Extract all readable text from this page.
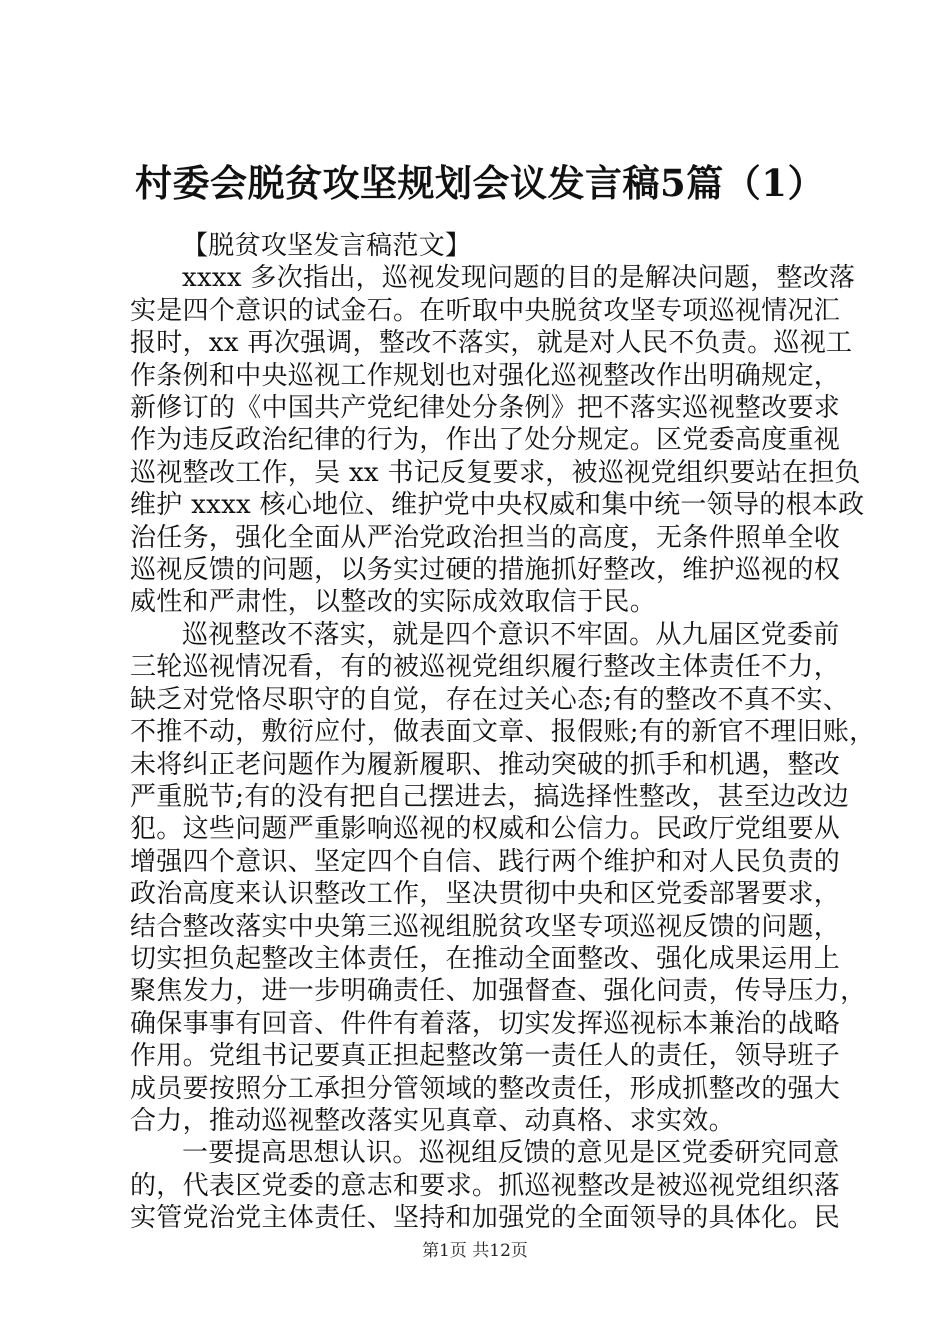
村委会脱贫攻坚规划会议发言稿5篇（1）

【脱贫攻坚发言稿范文】

xxxx 多次指出，巡视发现问题的目的是解决问题，整改落
实是四个意识的试金石。在听取中央脱贫攻坚专项巡视情况汇
报时，xx 再次强调，整改不落实，就是对人民不负责。巡视工
作条例和中央巡视工作规划也对强化巡视整改作出明确规定，
新修订的《中国共产党纪律处分条例》把不落实巡视整改要求
作为违反政治纪律的行为，作出了处分规定。区党委高度重视
巡视整改工作，吴 xx 书记反复要求，被巡视党组织要站在担负
维护 xxxx 核心地位、维护党中央权威和集中统一领导的根本政
治任务，强化全面从严治党政治担当的高度，无条件照单全收
巡视反馈的问题，以务实过硬的措施抓好整改，维护巡视的权
威性和严肃性，以整改的实际成效取信于民。

巡视整改不落实，就是四个意识不牢固。从九届区党委前
三轮巡视情况看，有的被巡视党组织履行整改主体责任不力，
缺乏对党恪尽职守的自觉，存在过关心态;有的整改不真不实、
不推不动，敷衍应付，做表面文章、报假账;有的新官不理旧账，
未将纠正老问题作为履新履职、推动突破的抓手和机遇，整改
严重脱节;有的没有把自己摆进去，搞选择性整改，甚至边改边
犯。这些问题严重影响巡视的权威和公信力。民政厅党组要从
增强四个意识、坚定四个自信、践行两个维护和对人民负责的
政治高度来认识整改工作，坚决贯彻中央和区党委部署要求，
结合整改落实中央第三巡视组脱贫攻坚专项巡视反馈的问题，
切实担负起整改主体责任，在推动全面整改、强化成果运用上
聚焦发力，进一步明确责任、加强督查、强化问责，传导压力，
确保事事有回音、件件有着落，切实发挥巡视标本兼治的战略
作用。党组书记要真正担起整改第一责任人的责任，领导班子
成员要按照分工承担分管领域的整改责任，形成抓整改的强大
合力，推动巡视整改落实见真章、动真格、求实效。

一要提高思想认识。巡视组反馈的意见是区党委研究同意
的，代表区党委的意志和要求。抓巡视整改是被巡视党组织落
实管党治党主体责任、坚持和加强党的全面领导的具体化。民

第1页 共12页
